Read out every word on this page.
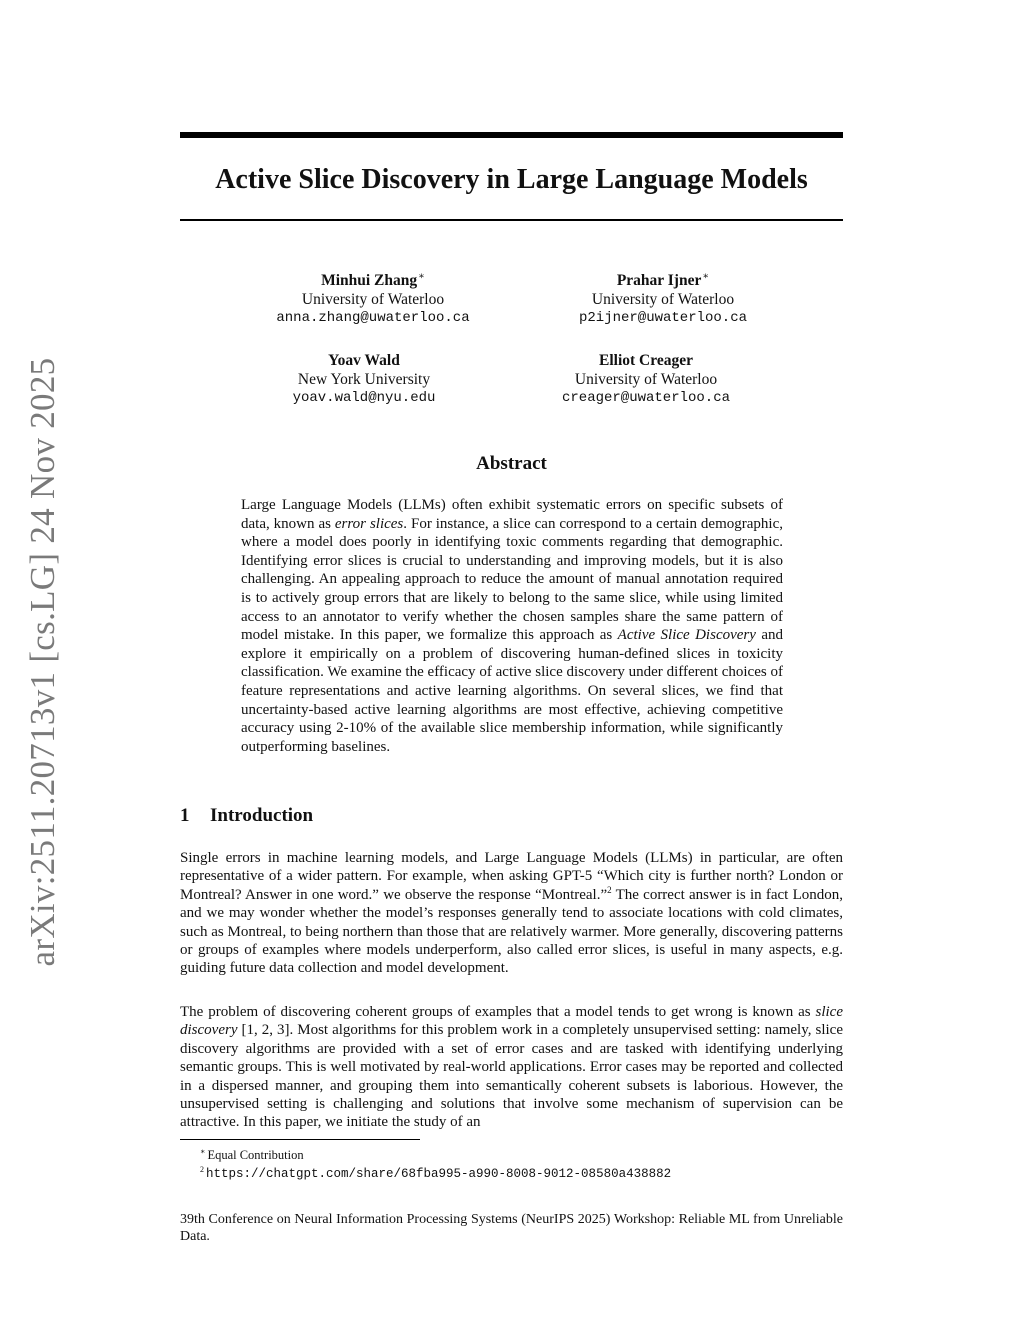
arXiv:2511.20713v1 [cs.LG] 24 Nov 2025
Active Slice Discovery in Large Language Models
Minhui Zhang∗
University of Waterloo
anna.zhang@uwaterloo.ca
Prahar Ijner∗
University of Waterloo
p2ijner@uwaterloo.ca
Yoav Wald
New York University
yoav.wald@nyu.edu
Elliot Creager
University of Waterloo
creager@uwaterloo.ca
Abstract

Large Language Models (LLMs) often exhibit systematic errors on specific subsets of data, known as error slices. For instance, a slice can correspond to a certain demographic, where a model does poorly in identifying toxic comments regarding that demographic. Identifying error slices is crucial to understanding and improving models, but it is also challenging. An appealing approach to reduce the amount of manual annotation required is to actively group errors that are likely to belong to the same slice, while using limited access to an annotator to verify whether the chosen samples share the same pattern of model mistake. In this paper, we formalize this approach as Active Slice Discovery and explore it empirically on a problem of discovering human-defined slices in toxicity classification. We examine the efficacy of active slice discovery under different choices of feature representations and active learning algorithms. On several slices, we find that uncertainty-based active learning algorithms are most effective, achieving competitive accuracy using 2-10% of the available slice membership information, while significantly outperforming baselines.

1 Introduction

Single errors in machine learning models, and Large Language Models (LLMs) in particular, are often representative of a wider pattern. For example, when asking GPT-5 “Which city is further north? London or Montreal? Answer in one word.” we observe the response “Montreal.”$^2$ The correct answer is in fact London, and we may wonder whether the model’s responses generally tend to associate locations with cold climates, such as Montreal, to being northern than those that are relatively warmer. More generally, discovering patterns or groups of examples where models underperform, also called error slices, is useful in many aspects, e.g. guiding future data collection and model development.

The problem of discovering coherent groups of examples that a model tends to get wrong is known as slice discovery [1, 2, 3]. Most algorithms for this problem work in a completely unsupervised setting: namely, slice discovery algorithms are provided with a set of error cases and are tasked with identifying underlying semantic groups. This is well motivated by real-world applications. Error cases may be reported and collected in a dispersed manner, and grouping them into semantically coherent subsets is laborious. However, the unsupervised setting is challenging and solutions that involve some mechanism of supervision can be attractive. In this paper, we initiate the study of an

∗ Equal Contribution
$^2$ https://chatgpt.com/share/68fba995-a990-8008-9012-08580a438882

39th Conference on Neural Information Processing Systems (NeurIPS 2025) Workshop: Reliable ML from Unreliable Data.
